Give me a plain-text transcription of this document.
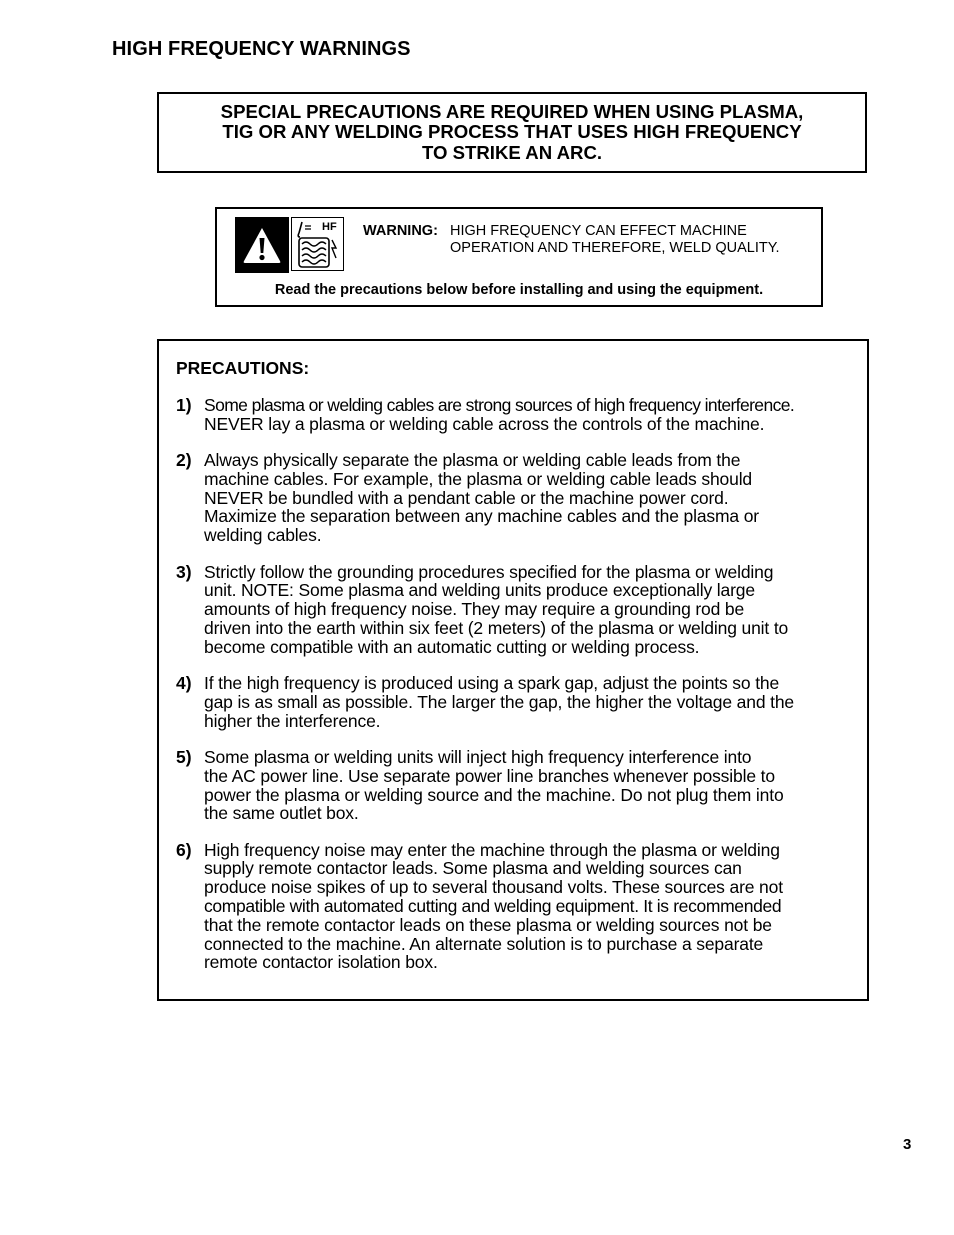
HIGH FREQUENCY WARNINGS
SPECIAL PRECAUTIONS ARE REQUIRED WHEN USING PLASMA,
TIG OR ANY WELDING PROCESS THAT USES HIGH FREQUENCY
TO STRIKE AN ARC.
HF WARNING: HIGH FREQUENCY CAN EFFECT MACHINE
OPERATION AND THEREFORE, WELD QUALITY.
Read the precautions below before installing and using the equipment.
PRECAUTIONS:
1) Some plasma or welding cables are strong sources of high frequency interference.
NEVER lay a plasma or welding cable across the controls of the machine.
2) Always physically separate the plasma or welding cable leads from the
machine cables. For example, the plasma or welding cable leads should
NEVER be bundled with a pendant cable or the machine power cord.
Maximize the separation between any machine cables and the plasma or
welding cables.
3) Strictly follow the grounding procedures specified for the plasma or welding
unit. NOTE: Some plasma and welding units produce exceptionally large
amounts of high frequency noise. They may require a grounding rod be
driven into the earth within six feet (2 meters) of the plasma or welding unit to
become compatible with an automatic cutting or welding process.
4) If the high frequency is produced using a spark gap, adjust the points so the
gap is as small as possible. The larger the gap, the higher the voltage and the
higher the interference.
5) Some plasma or welding units will inject high frequency interference into
the AC power line. Use separate power line branches whenever possible to
power the plasma or welding source and the machine. Do not plug them into
the same outlet box.
6) High frequency noise may enter the machine through the plasma or welding
supply remote contactor leads. Some plasma and welding sources can
produce noise spikes of up to several thousand volts. These sources are not
compatible with automated cutting and welding equipment. It is recommended
that the remote contactor leads on these plasma or welding sources not be
connected to the machine. An alternate solution is to purchase a separate
remote contactor isolation box.
3
